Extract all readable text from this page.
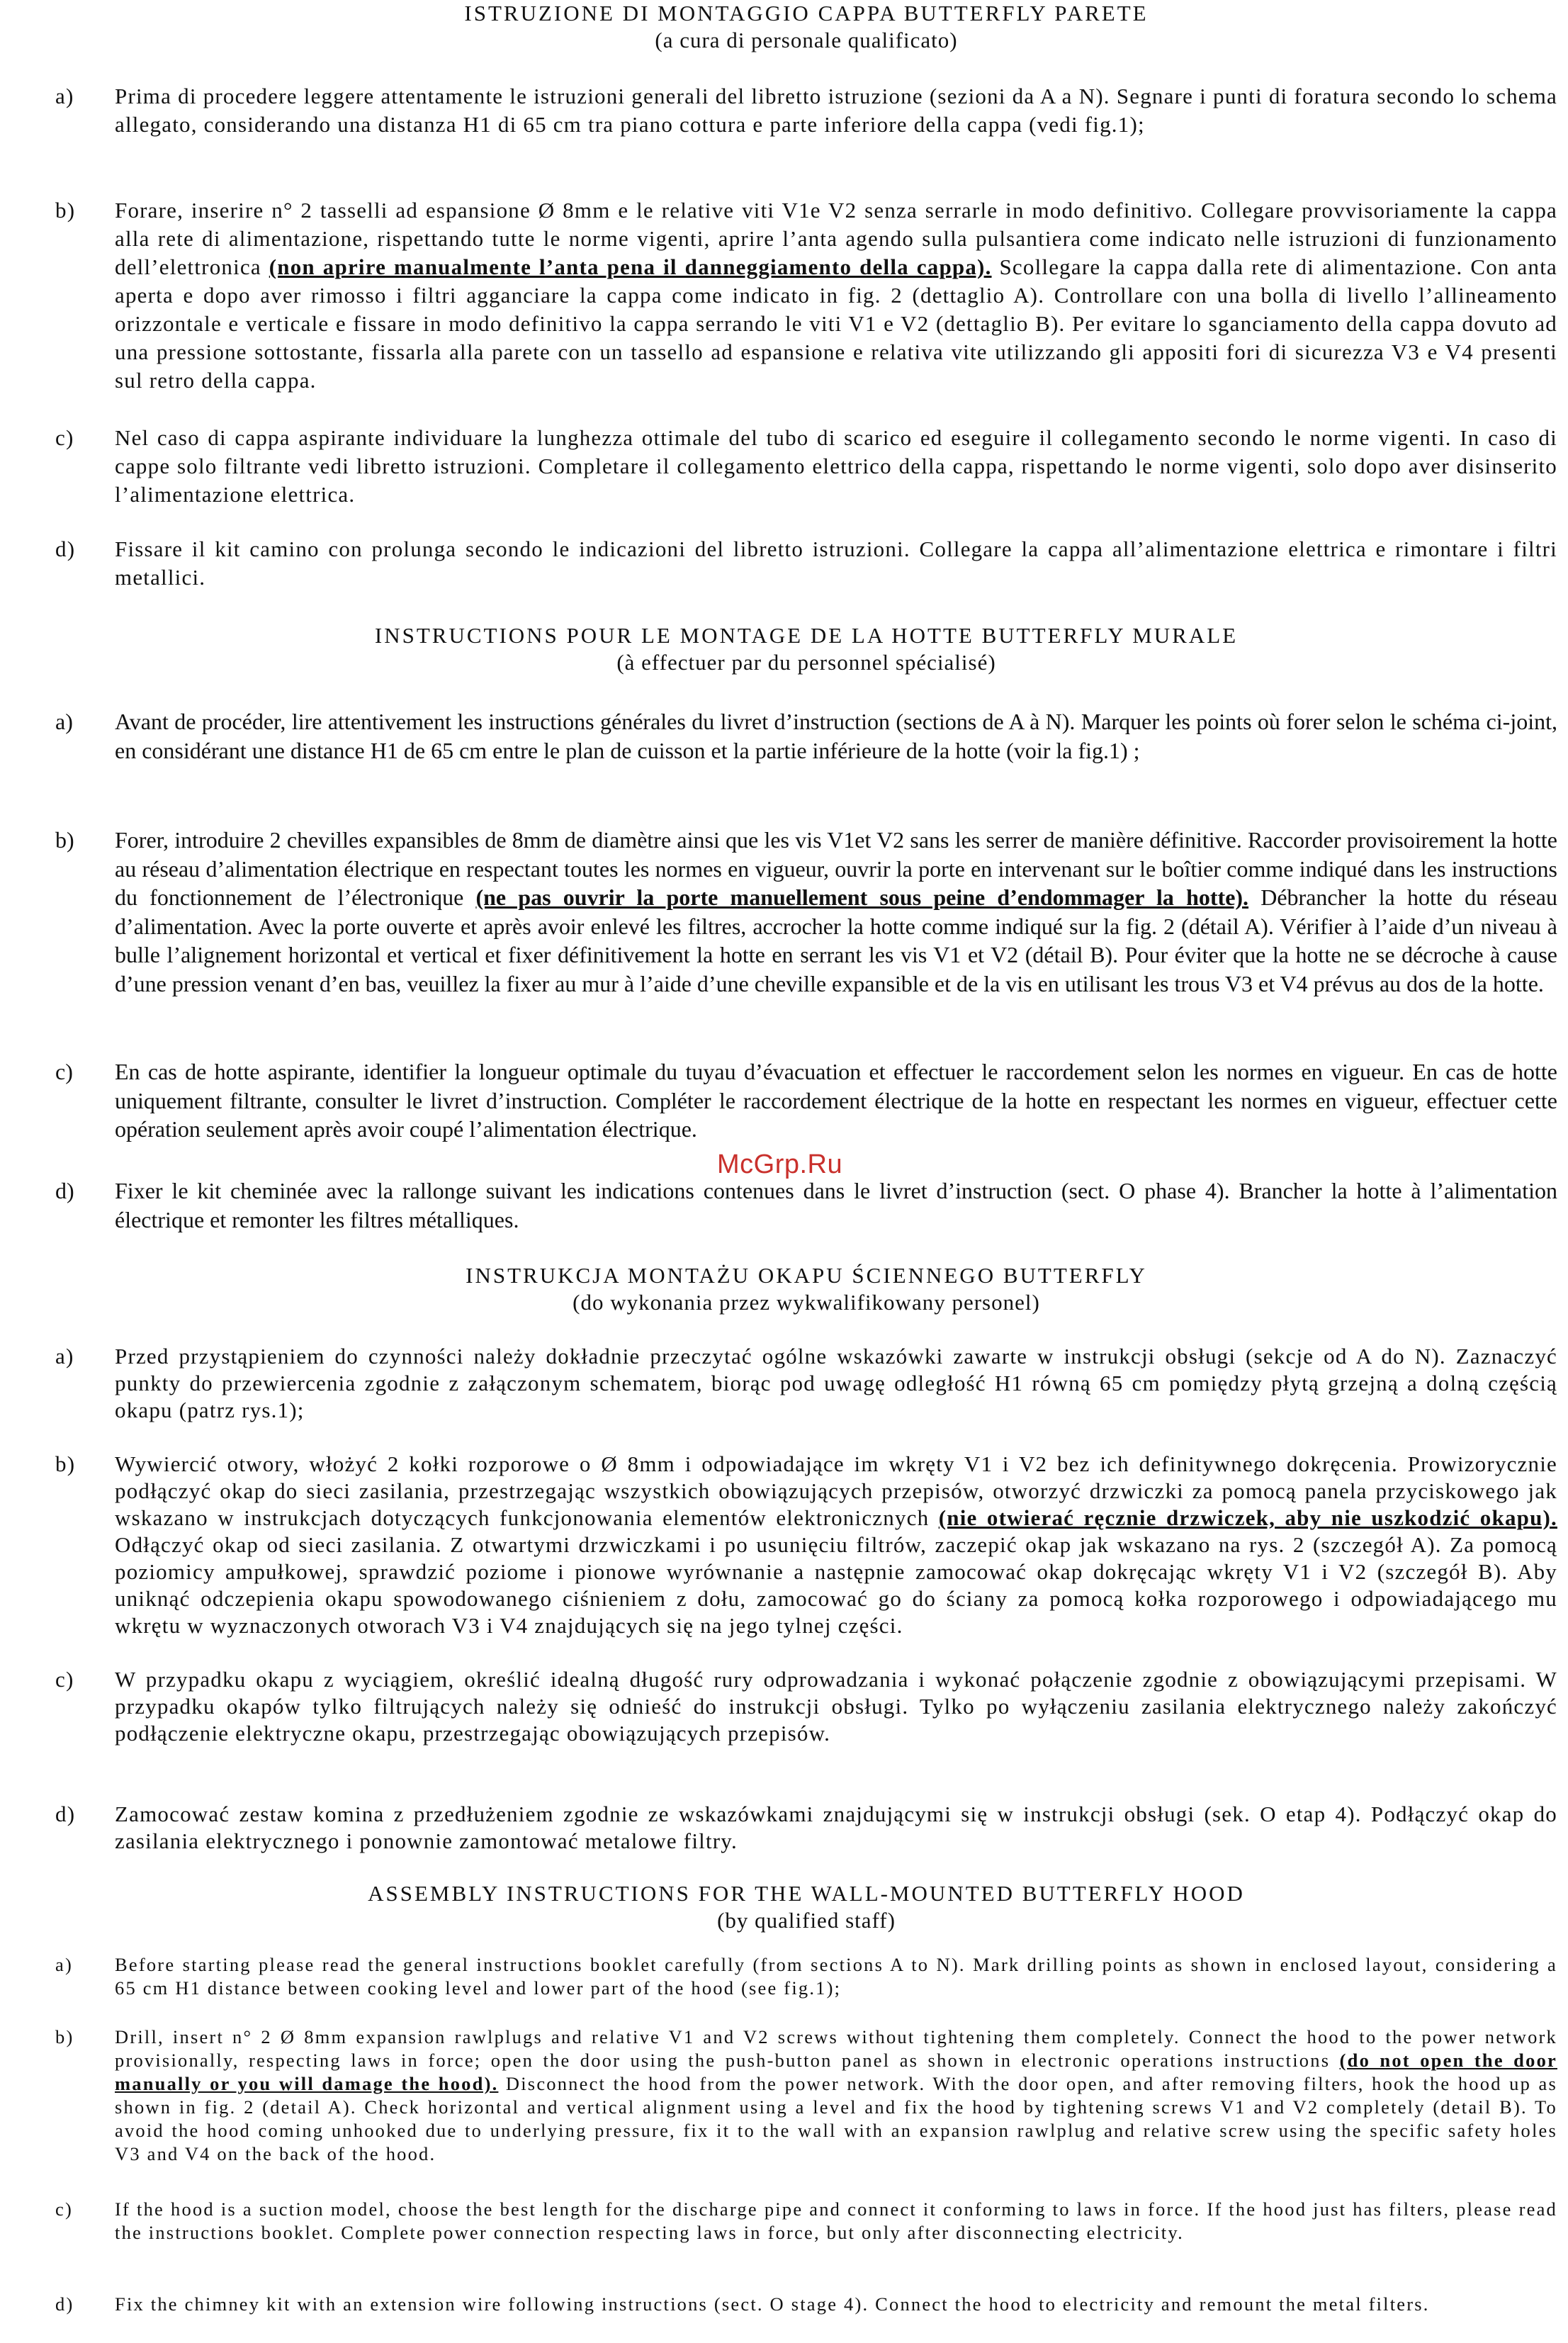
ISTRUZIONE DI MONTAGGIO CAPPA BUTTERFLY PARETE
(a cura di personale qualificato)
a)	Prima di procedere leggere attentamente le istruzioni generali del libretto istruzione (sezioni da A a N). Segnare i punti di foratura secondo lo schema allegato, considerando una distanza H1 di 65 cm tra piano cottura e parte inferiore della cappa (vedi fig.1);
b)	Forare, inserire n° 2 tasselli ad espansione Ø 8mm e le relative viti V1e V2 senza serrarle in modo definitivo. Collegare provvisoriamente la cappa alla rete di alimentazione, rispettando tutte le norme vigenti, aprire l’anta agendo sulla pulsantiera come indicato nelle istruzioni di funzionamento dell’elettronica (non aprire manualmente l’anta pena il danneggiamento della cappa). Scollegare la cappa dalla rete di alimentazione. Con anta aperta e dopo aver rimosso i filtri agganciare la cappa come indicato in fig. 2 (dettaglio A). Controllare con una bolla di livello l’allineamento orizzontale e verticale e fissare in modo definitivo la cappa serrando le viti V1 e V2 (dettaglio B). Per evitare lo sganciamento della cappa dovuto ad una pressione sottostante, fissarla alla parete con un tassello ad espansione e relativa vite utilizzando gli appositi fori di sicurezza V3 e V4 presenti sul retro della cappa.
c)	Nel caso di cappa aspirante individuare la lunghezza ottimale del tubo di scarico ed eseguire il collegamento secondo le norme vigenti. In caso di cappe solo filtrante vedi libretto istruzioni. Completare il collegamento elettrico della cappa, rispettando le norme vigenti, solo dopo aver disinserito l’alimentazione elettrica.
d)	Fissare il kit camino con prolunga secondo le indicazioni del libretto istruzioni. Collegare la cappa all’alimentazione elettrica e rimontare i filtri metallici.
INSTRUCTIONS POUR LE MONTAGE DE LA HOTTE BUTTERFLY MURALE
(à effectuer par du personnel spécialisé)
a)	Avant de procéder, lire attentivement les instructions générales du livret d’instruction (sections de A à N). Marquer les points où forer selon le schéma ci-joint, en considérant une distance H1 de 65 cm entre le plan de cuisson et la partie inférieure de la hotte (voir la fig.1) ;
b)	Forer, introduire 2 chevilles expansibles de 8mm de diamètre ainsi que les vis V1et V2 sans les serrer de manière définitive. Raccorder provisoirement la hotte au réseau d’alimentation électrique en respectant toutes les normes en vigueur, ouvrir la porte en intervenant sur le boîtier comme indiqué dans les instructions du fonctionnement de l’électronique (ne pas ouvrir la porte manuellement sous peine d’endommager la hotte). Débrancher la hotte du réseau d’alimentation. Avec la porte ouverte et après avoir enlevé les filtres, accrocher la hotte comme indiqué sur la fig. 2 (détail A). Vérifier à l’aide d’un niveau à bulle l’alignement horizontal et vertical et fixer définitivement la hotte en serrant les vis V1 et V2 (détail B). Pour éviter que la hotte ne se décroche à cause d’une pression venant d’en bas, veuillez la fixer au mur à l’aide d’une cheville expansible et de la vis en utilisant les trous V3 et V4 prévus au dos de la hotte.
c)	En cas de hotte aspirante, identifier la longueur optimale du tuyau d’évacuation et effectuer le raccordement selon les normes en vigueur. En cas de hotte uniquement filtrante, consulter le livret d’instruction. Compléter le raccordement électrique de la hotte en respectant les normes en vigueur, effectuer cette opération seulement après avoir coupé l’alimentation électrique.
d)	Fixer le kit cheminée avec la rallonge suivant les indications contenues dans le livret d’instruction (sect. O phase 4). Brancher la hotte à l’alimentation électrique et remonter les filtres métalliques.
INSTRUKCJA MONTAŻU OKAPU ŚCIENNEGO BUTTERFLY
(do wykonania przez wykwalifikowany personel)
a)	Przed przystąpieniem do czynności należy dokładnie przeczytać ogólne wskazówki zawarte w instrukcji obsługi (sekcje od A do N). Zaznaczyć punkty do przewiercenia zgodnie z załączonym schematem, biorąc pod uwagę odległość H1 równą 65 cm pomiędzy płytą grzejną a dolną częścią okapu (patrz rys.1);
b)	Wywiercić otwory, włożyć 2 kołki rozporowe o Ø 8mm i odpowiadające im wkręty V1 i V2 bez ich definitywnego dokręcenia. Prowizorycznie podłączyć okap do sieci zasilania, przestrzegając wszystkich obowiązujących przepisów, otworzyć drzwiczki za pomocą panela przyciskowego jak wskazano w instrukcjach dotyczących funkcjonowania elementów elektronicznych (nie otwierać ręcznie drzwiczek, aby nie uszkodzić okapu). Odłączyć okap od sieci zasilania. Z otwartymi drzwiczkami i po usunięciu filtrów, zaczepić okap jak wskazano na rys. 2 (szczegół A). Za pomocą poziomicy ampułkowej, sprawdzić poziome i pionowe wyrównanie a następnie zamocować okap dokręcając wkręty V1 i V2 (szczegół B). Aby uniknąć odczepienia okapu spowodowanego ciśnieniem z dołu, zamocować go do ściany za pomocą kołka rozporowego i odpowiadającego mu wkrętu w wyznaczonych otworach V3 i V4 znajdujących się na jego tylnej części.
c)	W przypadku okapu z wyciągiem, określić idealną długość rury odprowadzania i wykonać połączenie zgodnie z obowiązującymi przepisami. W przypadku okapów tylko filtrujących należy się odnieść do instrukcji obsługi. Tylko po wyłączeniu zasilania elektrycznego należy zakończyć podłączenie elektryczne okapu, przestrzegając obowiązujących przepisów.
d)	Zamocować zestaw komina z przedłużeniem zgodnie ze wskazówkami znajdującymi się w instrukcji obsługi (sek. O etap 4). Podłączyć okap do zasilania elektrycznego i ponownie zamontować metalowe filtry.
ASSEMBLY INSTRUCTIONS FOR THE WALL-MOUNTED BUTTERFLY HOOD
(by qualified staff)
a)	Before starting please read the general instructions booklet carefully (from sections A to N). Mark drilling points as shown in enclosed layout, considering a 65 cm H1 distance between cooking level and lower part of the hood (see fig.1);
b)	Drill, insert n° 2 Ø 8mm expansion rawlplugs and relative V1 and V2 screws without tightening them completely. Connect the hood to the power network provisionally, respecting laws in force; open the door using the push-button panel as shown in electronic operations instructions (do not open the door manually or you will damage the hood). Disconnect the hood from the power network. With the door open, and after removing filters, hook the hood up as shown in fig. 2 (detail A). Check horizontal and vertical alignment using a level and fix the hood by tightening screws V1 and V2 completely (detail B). To avoid the hood coming unhooked due to underlying pressure, fix it to the wall with an expansion rawlplug and relative screw using the specific safety holes V3 and V4 on the back of the hood.
c)	If the hood is a suction model, choose the best length for the discharge pipe and connect it conforming to laws in force. If the hood just has filters, please read the instructions booklet. Complete power connection respecting laws in force, but only after disconnecting electricity.
d)	Fix the chimney kit with an extension wire following instructions (sect. O stage 4). Connect the hood to electricity and remount the metal filters.
McGrp.Ru
